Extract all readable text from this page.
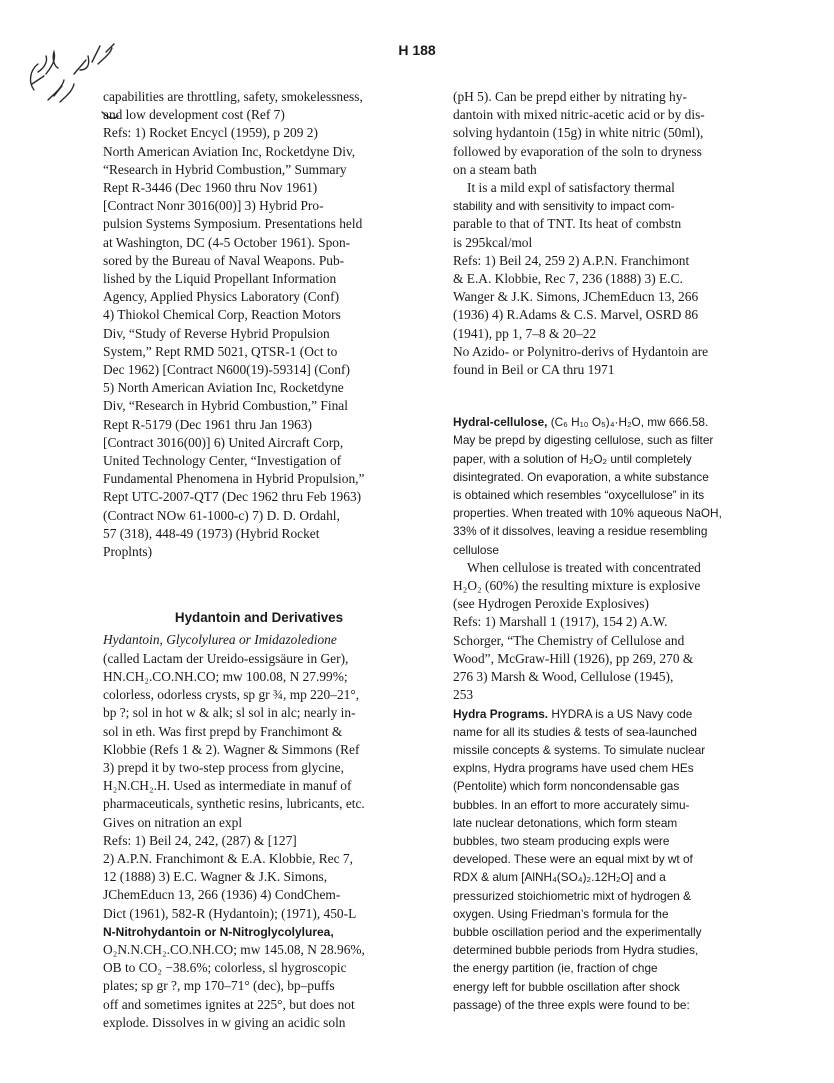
H 188
capabilities are throttling, safety, smokelessness,
and low development cost (Ref 7)
Refs: 1) Rocket Encycl (1959), p 209 2)
North American Aviation Inc, Rocketdyne Div,
“Research in Hybrid Combustion,” Summary
Rept R-3446 (Dec 1960 thru Nov 1961)
[Contract Nonr 3016(00)] 3) Hybrid Pro-
pulsion Systems Symposium. Presentations held
at Washington, DC (4-5 October 1961). Spon-
sored by the Bureau of Naval Weapons. Pub-
lished by the Liquid Propellant Information
Agency, Applied Physics Laboratory (Conf)
4) Thiokol Chemical Corp, Reaction Motors
Div, “Study of Reverse Hybrid Propulsion
System,” Rept RMD 5021, QTSR-1 (Oct to
Dec 1962) [Contract N600(19)-59314] (Conf)
5) North American Aviation Inc, Rocketdyne
Div, “Research in Hybrid Combustion,” Final
Rept R-5179 (Dec 1961 thru Jan 1963)
[Contract 3016(00)] 6) United Aircraft Corp,
United Technology Center, “Investigation of
Fundamental Phenomena in Hybrid Propulsion,”
Rept UTC-2007-QT7 (Dec 1962 thru Feb 1963)
(Contract NOw 61-1000-c) 7) D. D. Ordahl,
57 (318), 448-49 (1973) (Hybrid Rocket
Proplnts)
Hydantoin and Derivatives
Hydantoin, Glycolylurea or Imidazoledione
(called Lactam der Ureido-essigsäure in Ger),
HN.CH₂.CO.NH.CO; mw 100.08, N 27.99%;
colorless, odorless crysts, sp gr ¾, mp 220–21°,
bp ?; sol in hot w & alk; sl sol in alc; nearly in-
sol in eth. Was first prepd by Franchimont &
Klobbie (Refs 1 & 2). Wagner & Simmons (Ref
3) prepd it by two-step process from glycine,
H₂N.CH₂.H. Used as intermediate in manuf of
pharmaceuticals, synthetic resins, lubricants, etc.
Gives on nitration an expl
Refs: 1) Beil 24, 242, (287) & [127]
2) A.P.N. Franchimont & E.A. Klobbie, Rec 7,
12 (1888) 3) E.C. Wagner & J.K. Simons,
JChemEducn 13, 266 (1936) 4) CondChem-
Dict (1961), 582-R (Hydantoin); (1971), 450-L
N-Nitrohydantoin or N-Nitroglycolylurea,
O₂N.N.CH₂.CO.NH.CO; mw 145.08, N 28.96%,
OB to CO₂ −38.6%; colorless, sl hygroscopic
plates; sp gr ?, mp 170–71° (dec), bp–puffs
off and sometimes ignites at 225°, but does not
explode. Dissolves in w giving an acidic soln
(pH 5). Can be prepd either by nitrating hy-
dantoin with mixed nitric-acetic acid or by dis-
solving hydantoin (15g) in white nitric (50ml),
followed by evaporation of the soln to dryness
on a steam bath
It is a mild expl of satisfactory thermal
stability and with sensitivity to impact com-
parable to that of TNT. Its heat of combstn
is 295kcal/mol
Refs: 1) Beil 24, 259 2) A.P.N. Franchimont
& E.A. Klobbie, Rec 7, 236 (1888) 3) E.C.
Wanger & J.K. Simons, JChemEducn 13, 266
(1936) 4) R.Adams & C.S. Marvel, OSRD 86
(1941), pp 1, 7–8 & 20–22
No Azido- or Polynitro-derivs of Hydantoin are
found in Beil or CA thru 1971
Hydral-cellulose, (C₆ H₁₀ O₅)₄·H₂O, mw 666.58.
May be prepd by digesting cellulose, such as filter
paper, with a solution of H₂O₂ until completely
disintegrated. On evaporation, a white substance
is obtained which resembles “oxycellulose” in its
properties. When treated with 10% aqueous NaOH,
33% of it dissolves, leaving a residue resembling
cellulose
When cellulose is treated with concentrated
H₂O₂ (60%) the resulting mixture is explosive
(see Hydrogen Peroxide Explosives)
Refs: 1) Marshall 1 (1917), 154 2) A.W.
Schorger, “The Chemistry of Cellulose and
Wood”, McGraw-Hill (1926), pp 269, 270 &
276 3) Marsh & Wood, Cellulose (1945),
253
Hydra Programs. HYDRA is a US Navy code
name for all its studies & tests of sea-launched
missile concepts & systems. To simulate nuclear
explns, Hydra programs have used chem HEs
(Pentolite) which form noncondensable gas
bubbles. In an effort to more accurately simu-
late nuclear detonations, which form steam
bubbles, two steam producing expls were
developed. These were an equal mixt by wt of
RDX & alum [AlNH₄(SO₄)₂.12H₂O] and a
pressurized stoichiometric mixt of hydrogen &
oxygen. Using Friedman’s formula for the
bubble oscillation period and the experimentally
determined bubble periods from Hydra studies,
the energy partition (ie, fraction of chge
energy left for bubble oscillation after shock
passage) of the three expls were found to be:
